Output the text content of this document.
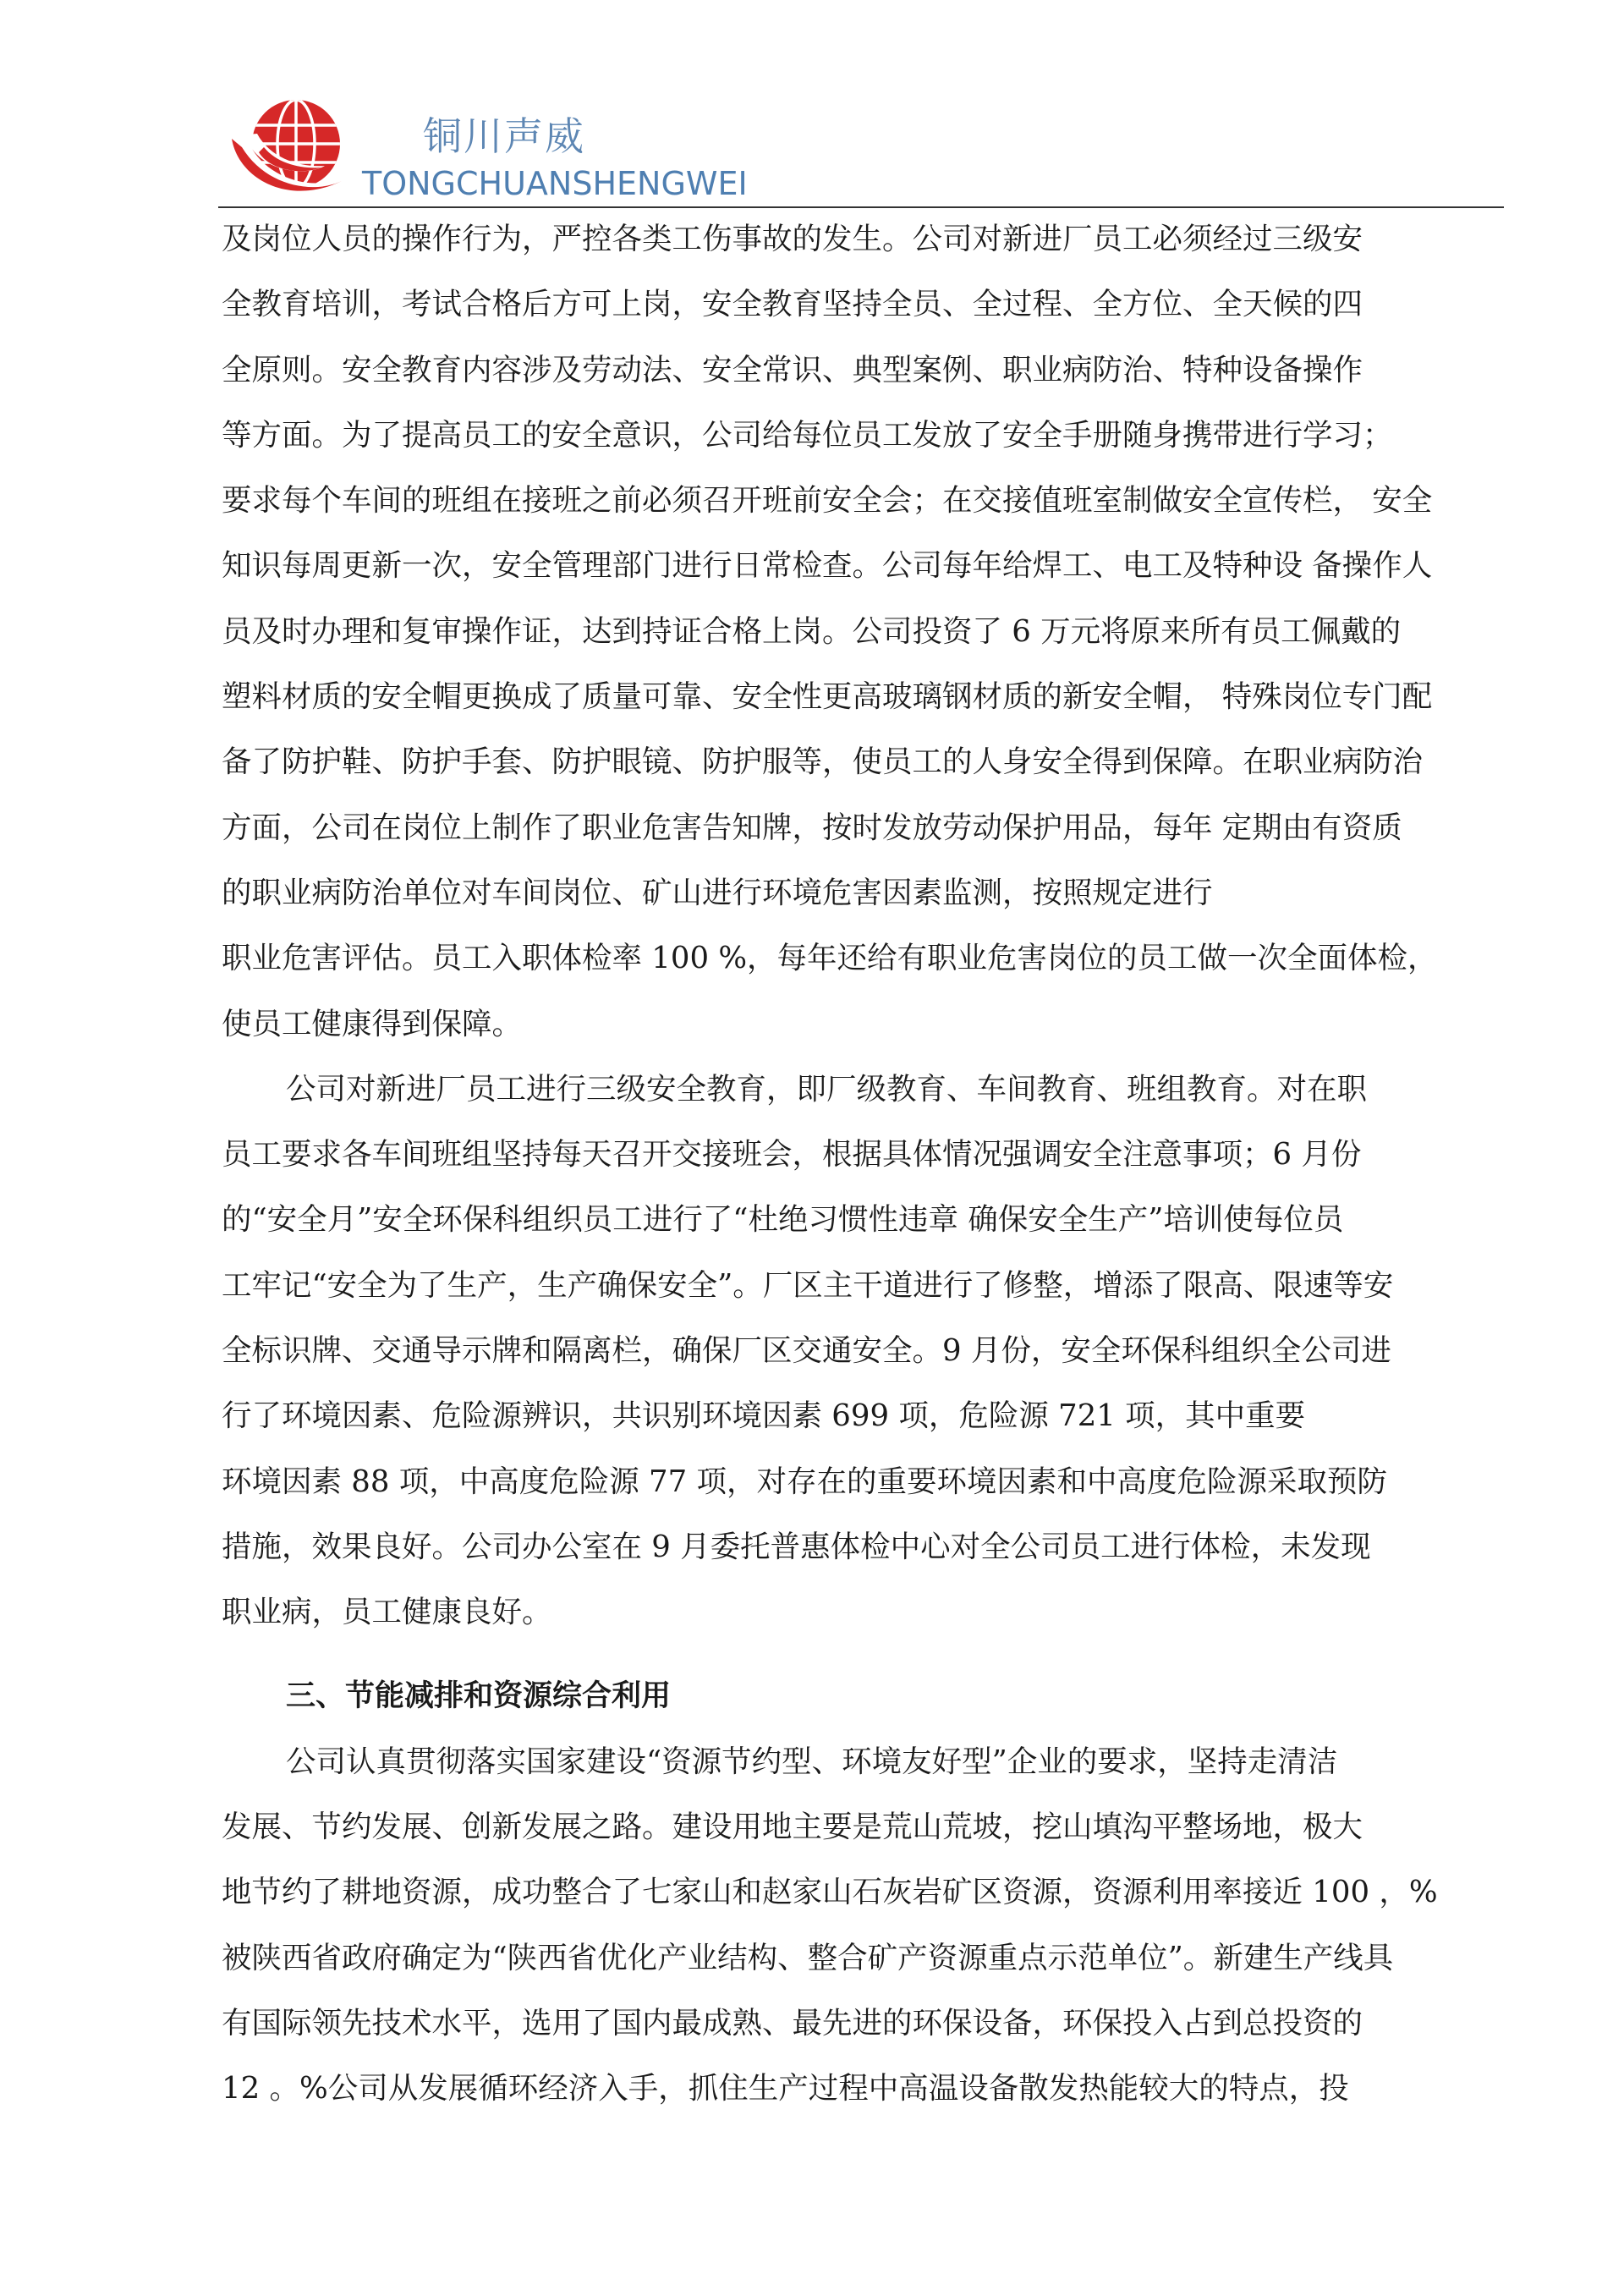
铜川声威
TONGCHUANSHENGWEI
及岗位人员的操作行为，严控各类工伤事故的发生。公司对新进厂员工必须经过三级安
全教育培训，考试合格后方可上岗，安全教育坚持全员、全过程、全方位、全天候的四
全原则。安全教育内容涉及劳动法、安全常识、典型案例、职业病防治、特种设备操作
等方面。为了提高员工的安全意识，公司给每位员工发放了安全手册随身携带进行学习；
要求每个车间的班组在接班之前必须召开班前安全会；在交接值班室制做安全宣传栏， 安全
知识每周更新一次，安全管理部门进行日常检查。公司每年给焊工、电工及特种设 备操作人
员及时办理和复审操作证，达到持证合格上岗。公司投资了 6 万元将原来所有员工佩戴的
塑料材质的安全帽更换成了质量可靠、安全性更高玻璃钢材质的新安全帽， 特殊岗位专门配
备了防护鞋、防护手套、防护眼镜、防护服等，使员工的人身安全得到保障。在职业病防治
方面，公司在岗位上制作了职业危害告知牌，按时发放劳动保护用品，每年 定期由有资质
的职业病防治单位对车间岗位、矿山进行环境危害因素监测，按照规定进行
职业危害评估。员工入职体检率 100 %，每年还给有职业危害岗位的员工做一次全面体检，
使员工健康得到保障。
公司对新进厂员工进行三级安全教育，即厂级教育、车间教育、班组教育。对在职
员工要求各车间班组坚持每天召开交接班会，根据具体情况强调安全注意事项；6 月份
的“安全月”安全环保科组织员工进行了“杜绝习惯性违章 确保安全生产”培训使每位员
工牢记“安全为了生产，生产确保安全”。厂区主干道进行了修整，增添了限高、限速等安
全标识牌、交通导示牌和隔离栏，确保厂区交通安全。9 月份，安全环保科组织全公司进
行了环境因素、危险源辨识，共识别环境因素 699 项，危险源 721 项，其中重要
环境因素 88 项，中高度危险源 77 项，对存在的重要环境因素和中高度危险源采取预防
措施，效果良好。公司办公室在 9 月委托普惠体检中心对全公司员工进行体检，未发现
职业病，员工健康良好。
三、节能减排和资源综合利用
公司认真贯彻落实国家建设“资源节约型、环境友好型”企业的要求，坚持走清洁
发展、节约发展、创新发展之路。建设用地主要是荒山荒坡，挖山填沟平整场地，极大
地节约了耕地资源，成功整合了七家山和赵家山石灰岩矿区资源，资源利用率接近 100 ，%
被陕西省政府确定为“陕西省优化产业结构、整合矿产资源重点示范单位”。新建生产线具
有国际领先技术水平，选用了国内最成熟、最先进的环保设备，环保投入占到总投资的
12 。%公司从发展循环经济入手，抓住生产过程中高温设备散发热能较大的特点，投
